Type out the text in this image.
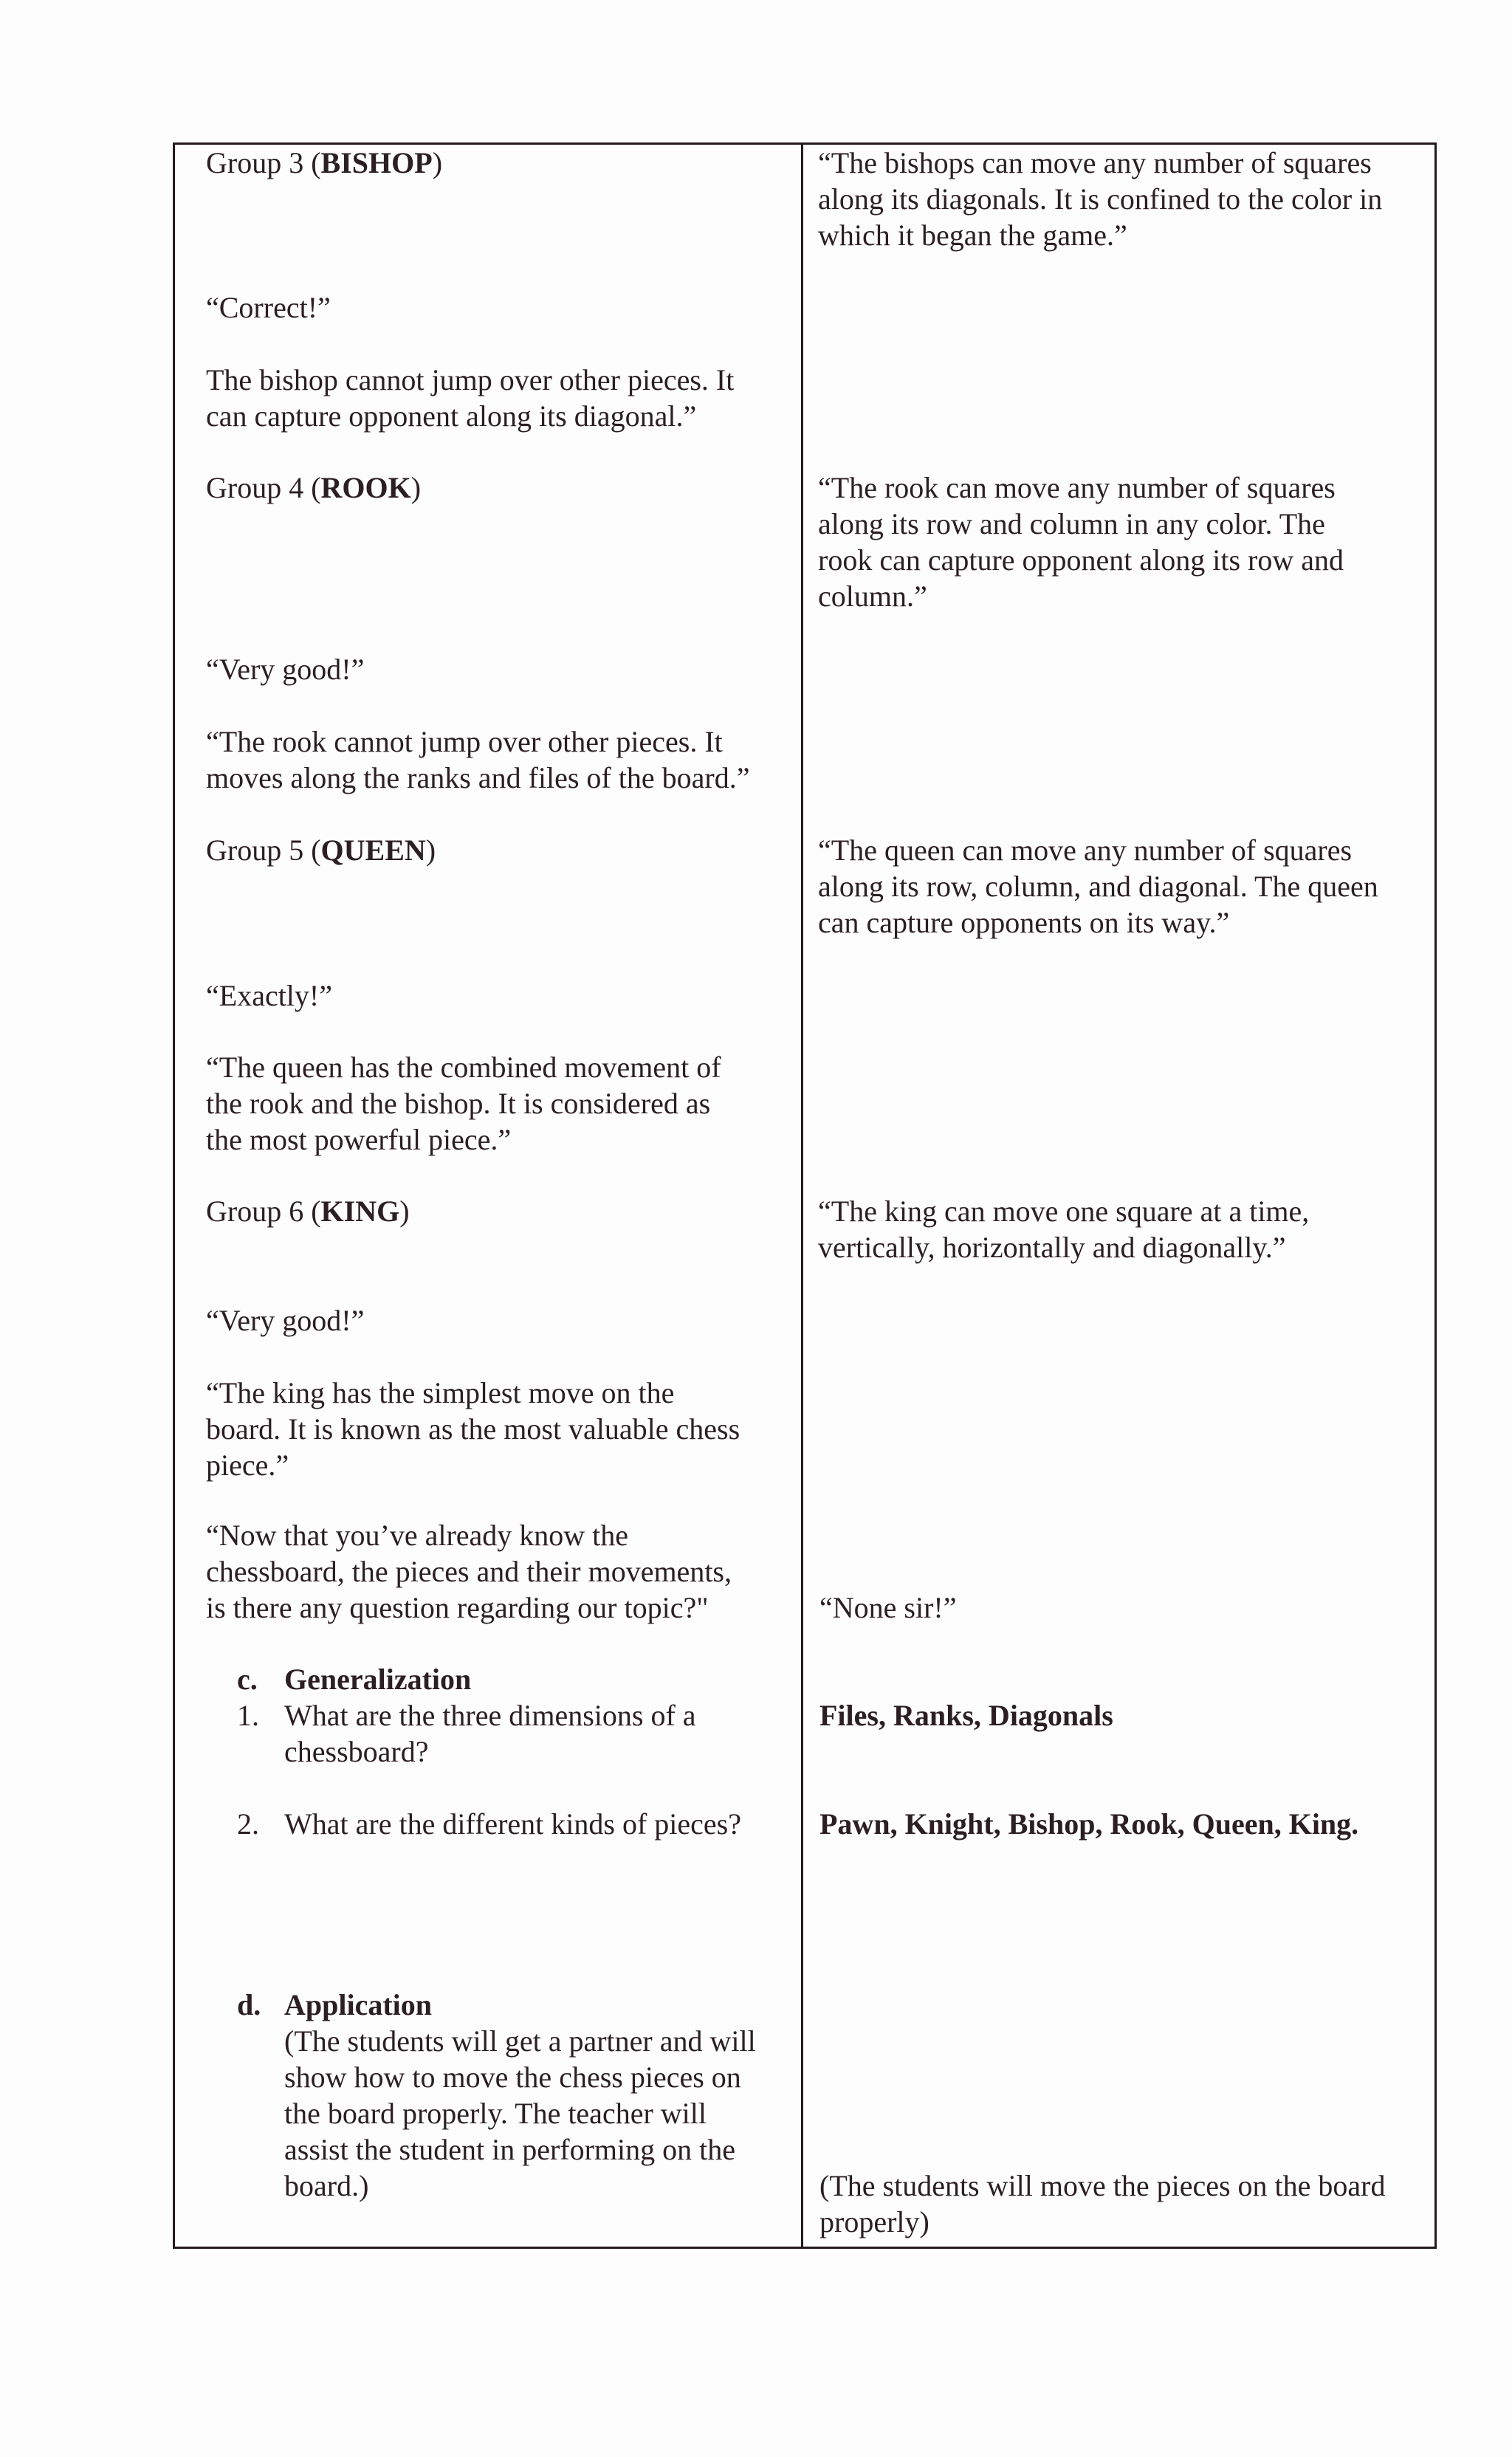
Group 3 (BISHOP)
“Correct!”
The bishop cannot jump over other pieces. It
can capture opponent along its diagonal.”
Group 4 (ROOK)
“Very good!”
“The rook cannot jump over other pieces. It
moves along the ranks and files of the board.”
Group 5 (QUEEN)
“Exactly!”
“The queen has the combined movement of
the rook and the bishop. It is considered as
the most powerful piece.”
Group 6 (KING)
“Very good!”
“The king has the simplest move on the
board. It is known as the most valuable chess
piece.”
“The bishops can move any number of squares
along its diagonals. It is confined to the color in
which it began the game.”
“The rook can move any number of squares
along its row and column in any color. The
rook can capture opponent along its row and
column.”
“The queen can move any number of squares
along its row, column, and diagonal. The queen
can capture opponents on its way.”
“The king can move one square at a time,
vertically, horizontally and diagonally.”
“Now that you’ve already know the
chessboard, the pieces and their movements,
is there any question regarding our topic?"
c. Generalization
1. What are the three dimensions of a
chessboard?
2. What are the different kinds of pieces?
d. Application
(The students will get a partner and will
show how to move the chess pieces on
the board properly. The teacher will
assist the student in performing on the
board.)
“None sir!”
Files, Ranks, Diagonals
Pawn, Knight, Bishop, Rook, Queen, King.
(The students will move the pieces on the board
properly)
